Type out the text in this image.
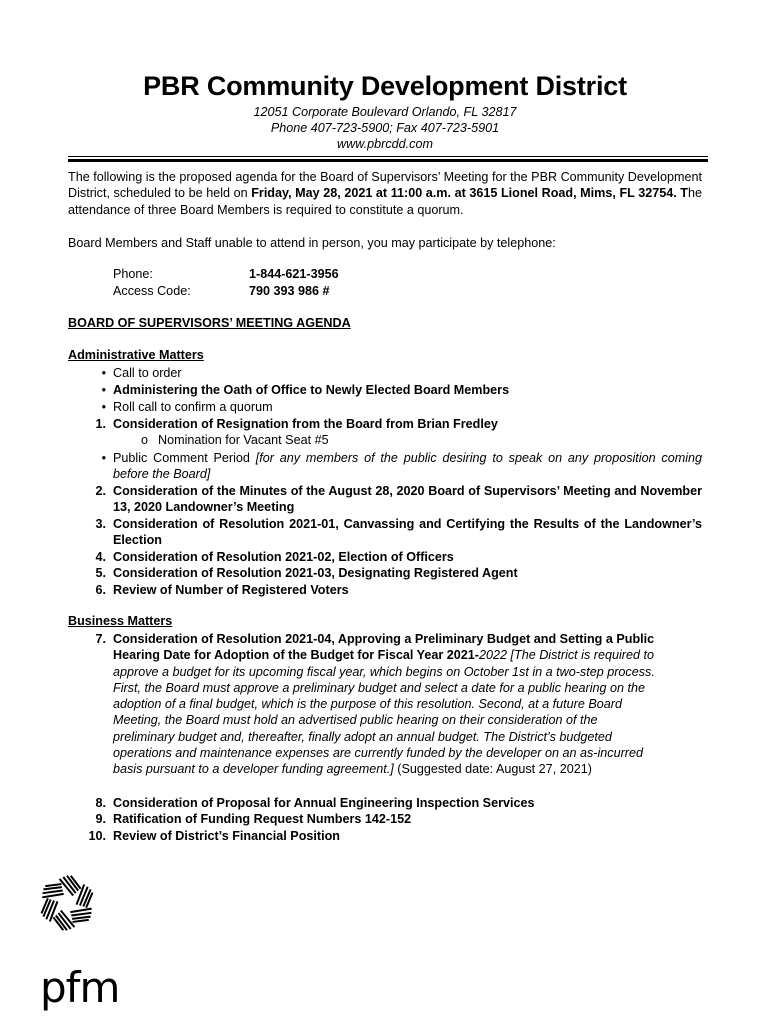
PBR Community Development District
12051 Corporate Boulevard Orlando, FL 32817
Phone 407-723-5900; Fax 407-723-5901
www.pbrcdd.com
The following is the proposed agenda for the Board of Supervisors’ Meeting for the PBR Community Development District, scheduled to be held on Friday, May 28, 2021 at 11:00 a.m. at 3615 Lionel Road, Mims, FL 32754. The attendance of three Board Members is required to constitute a quorum.
Board Members and Staff unable to attend in person, you may participate by telephone:
Phone:	1-844-621-3956
Access Code:	790 393 986 #
BOARD OF SUPERVISORS’ MEETING AGENDA
Administrative Matters
• Call to order
• Administering the Oath of Office to Newly Elected Board Members
• Roll call to confirm a quorum
1. Consideration of Resignation from the Board from Brian Fredley
o Nomination for Vacant Seat #5
• Public Comment Period [for any members of the public desiring to speak on any proposition coming before the Board]
2. Consideration of the Minutes of the August 28, 2020 Board of Supervisors’ Meeting and November 13, 2020 Landowner’s Meeting
3. Consideration of Resolution 2021-01, Canvassing and Certifying the Results of the Landowner’s Election
4. Consideration of Resolution 2021-02, Election of Officers
5. Consideration of Resolution 2021-03, Designating Registered Agent
6. Review of Number of Registered Voters
Business Matters
7. Consideration of Resolution 2021-04, Approving a Preliminary Budget and Setting a Public Hearing Date for Adoption of the Budget for Fiscal Year 2021-2022 [The District is required to approve a budget for its upcoming fiscal year, which begins on October 1st in a two-step process. First, the Board must approve a preliminary budget and select a date for a public hearing on the adoption of a final budget, which is the purpose of this resolution. Second, at a future Board Meeting, the Board must hold an advertised public hearing on their consideration of the preliminary budget and, thereafter, finally adopt an annual budget. The District’s budgeted operations and maintenance expenses are currently funded by the developer on an as-incurred basis pursuant to a developer funding agreement.] (Suggested date: August 27, 2021)
8. Consideration of Proposal for Annual Engineering Inspection Services
9. Ratification of Funding Request Numbers 142-152
10. Review of District’s Financial Position
pfm
